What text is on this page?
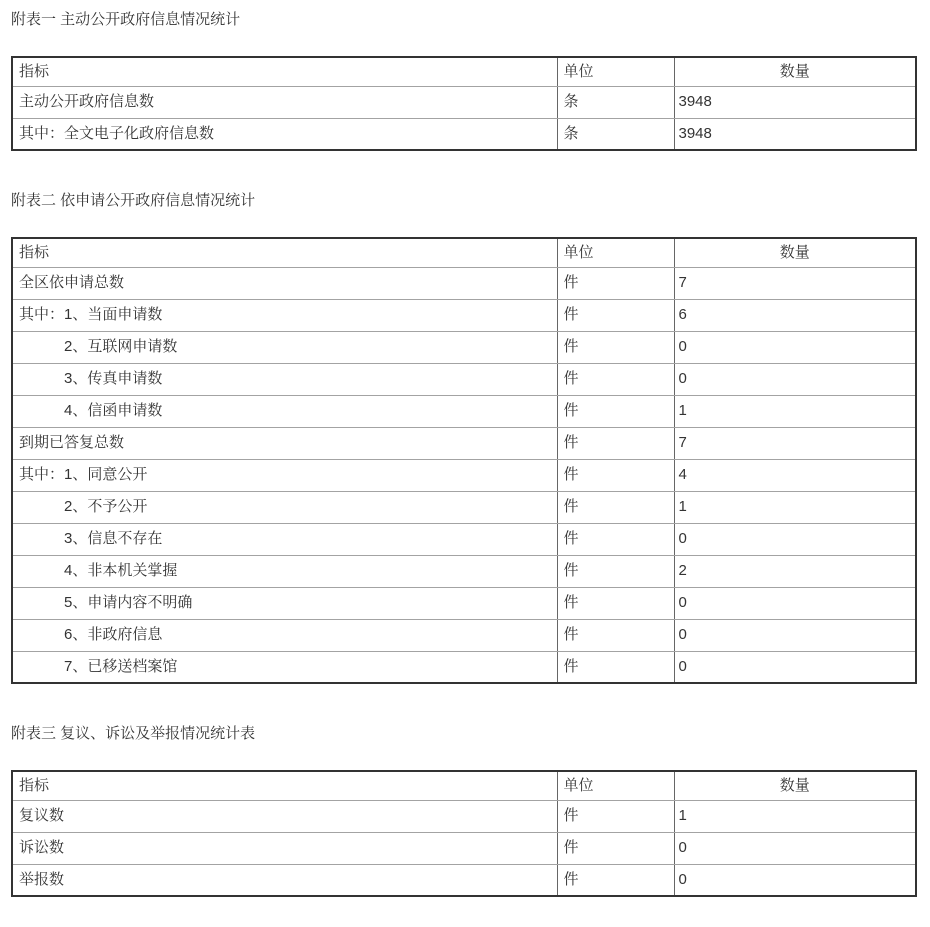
附表一 主动公开政府信息情况统计
指标	单位	数量
主动公开政府信息数	条	3948
其中：全文电子化政府信息数	条	3948
附表二 依申请公开政府信息情况统计
指标	单位	数量
全区依申请总数	件	7
其中：1、当面申请数	件	6
　　　2、互联网申请数	件	0
　　　3、传真申请数	件	0
　　　4、信函申请数	件	1
到期已答复总数	件	7
其中：1、同意公开	件	4
　　　2、不予公开	件	1
　　　3、信息不存在	件	0
　　　4、非本机关掌握	件	2
　　　5、申请内容不明确	件	0
　　　6、非政府信息	件	0
　　　7、已移送档案馆	件	0
附表三 复议、诉讼及举报情况统计表
指标	单位	数量
复议数	件	1
诉讼数	件	0
举报数	件	0
